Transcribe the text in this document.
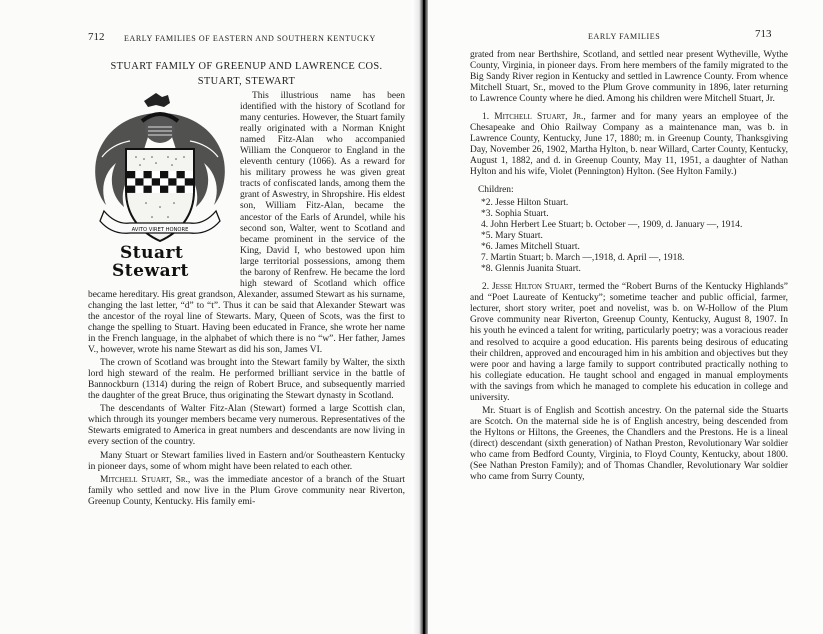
712 EARLY FAMILIES OF EASTERN AND SOUTHERN KENTUCKY
STUART FAMILY OF GREENUP AND LAWRENCE COS.
STUART, STEWART
AVITO VIRET HONORE
Stuart
Stewart

This illustrious name has been identified with the history of Scotland for many centuries. However, the Stuart family really originated with a Norman Knight named Fitz-Alan who accompanied William the Conqueror to England in the eleventh century (1066). As a reward for his military prowess he was given great tracts of confiscated lands, among them the grant of Aswestry, in Shropshire. His eldest son, William Fitz-Alan, became the ancestor of the Earls of Arundel, while his second son, Walter, went to Scotland and became prominent in the service of the King, David I, who bestowed upon him large territorial possessions, among them the barony of Renfrew. He became the lord high steward of Scotland which office became hereditary. His great grandson, Alexander, assumed Stewart as his surname, changing the last letter, “d” to “t”. Thus it can be said that Alexander Stewart was the ancestor of the royal line of Stewarts. Mary, Queen of Scots, was the first to change the spelling to Stuart. Having been educated in France, she wrote her name in the French language, in the alphabet of which there is no “w”. Her father, James V., however, wrote his name Stewart as did his son, James VI.

The crown of Scotland was brought into the Stewart family by Walter, the sixth lord high steward of the realm. He performed brilliant service in the battle of Bannockburn (1314) during the reign of Robert Bruce, and subsequently married the daughter of the great Bruce, thus originating the Stewart dynasty in Scotland.

The descendants of Walter Fitz-Alan (Stewart) formed a large Scottish clan, which through its younger members became very numerous. Representatives of the Stewarts emigrated to America in great numbers and descendants are now living in every section of the country.

Many Stuart or Stewart families lived in Eastern and/or Southeastern Kentucky in pioneer days, some of whom might have been related to each other.

Mitchell Stuart, Sr., was the immediate ancestor of a branch of the Stuart family who settled and now live in the Plum Grove community near Riverton, Greenup County, Kentucky. His family emi-

EARLY FAMILIES	713

grated from near Berthshire, Scotland, and settled near present Wytheville, Wythe County, Virginia, in pioneer days. From here members of the family migrated to the Big Sandy River region in Kentucky and settled in Lawrence County. From whence Mitchell Stuart, Sr., moved to the Plum Grove community in 1896, later returning to Lawrence County where he died. Among his children were Mitchell Stuart, Jr.

1. Mitchell Stuart, Jr., farmer and for many years an employee of the Chesapeake and Ohio Railway Company as a maintenance man, was b. in Lawrence County, Kentucky, June 17, 1880; m. in Greenup County, Thanksgiving Day, November 26, 1902, Martha Hylton, b. near Willard, Carter County, Kentucky, August 1, 1882, and d. in Greenup County, May 11, 1951, a daughter of Nathan Hylton and his wife, Violet (Pennington) Hylton. (See Hylton Family.)

Children:
*2. Jesse Hilton Stuart.
*3. Sophia Stuart.
4. John Herbert Lee Stuart; b. October —, 1909, d. January —, 1914.
*5. Mary Stuart.
*6. James Mitchell Stuart.
7. Martin Stuart; b. March —,1918, d. April —, 1918.
*8. Glennis Juanita Stuart.

2. Jesse Hilton Stuart, termed the “Robert Burns of the Kentucky Highlands” and “Poet Laureate of Kentucky”; sometime teacher and public official, farmer, lecturer, short story writer, poet and novelist, was b. on W-Hollow of the Plum Grove community near Riverton, Greenup County, Kentucky, August 8, 1907. In his youth he evinced a talent for writing, particularly poetry; was a voracious reader and resolved to acquire a good education. His parents being desirous of educating their children, approved and encouraged him in his ambition and objectives but they were poor and having a large family to support contributed practically nothing to his collegiate education. He taught school and engaged in manual employments with the savings from which he managed to complete his education in college and university.

Mr. Stuart is of English and Scottish ancestry. On the paternal side the Stuarts are Scotch. On the maternal side he is of English ancestry, being descended from the Hyltons or Hiltons, the Greenes, the Chandlers and the Prestons. He is a lineal (direct) descendant (sixth generation) of Nathan Preston, Revolutionary War soldier who came from Bedford County, Virginia, to Floyd County, Kentucky, about 1800. (See Nathan Preston Family); and of Thomas Chandler, Revolutionary War soldier who came from Surry County,
